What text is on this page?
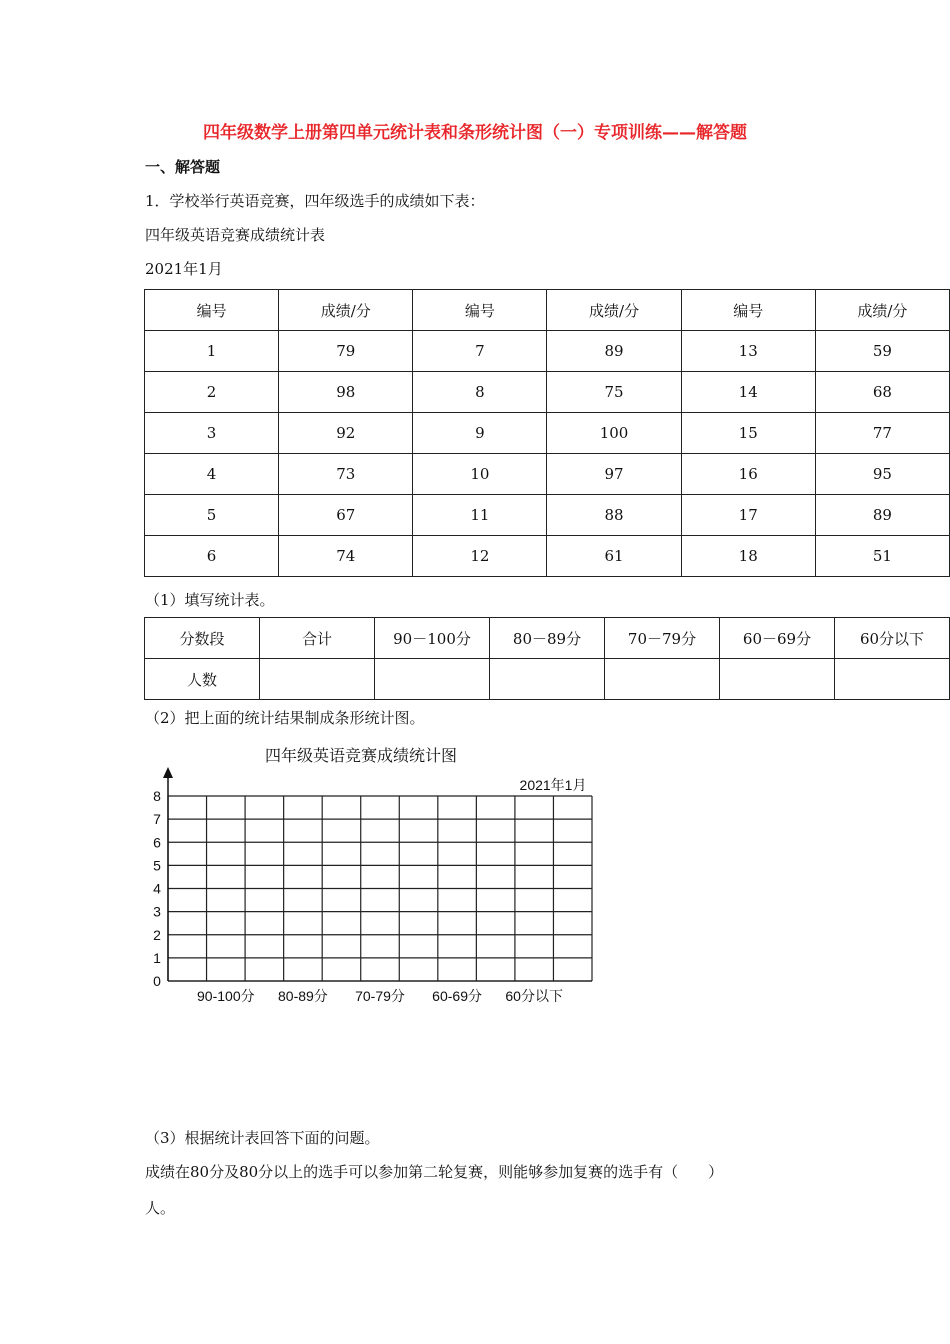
四年级数学上册第四单元统计表和条形统计图（一）专项训练——解答题
一、解答题
1．学校举行英语竞赛，四年级选手的成绩如下表：
四年级英语竞赛成绩统计表
2021年1月
编号	成绩/分	编号	成绩/分	编号	成绩/分
1	79	7	89	13	59
2	98	8	75	14	68
3	92	9	100	15	77
4	73	10	97	16	95
5	67	11	88	17	89
6	74	12	61	18	51
（1）填写统计表。
分数段	合计	90－100分	80－89分	70－79分	60－69分	60分以下
人数						
（2）把上面的统计结果制成条形统计图。
四年级英语竞赛成绩统计图
2021年1月
0
1
2
3
4
5
6
7
8
90-100分 80-89分 70-79分 60-69分 60分以下
（3）根据统计表回答下面的问题。
成绩在80分及80分以上的选手可以参加第二轮复赛，则能够参加复赛的选手有（　　）
人。
